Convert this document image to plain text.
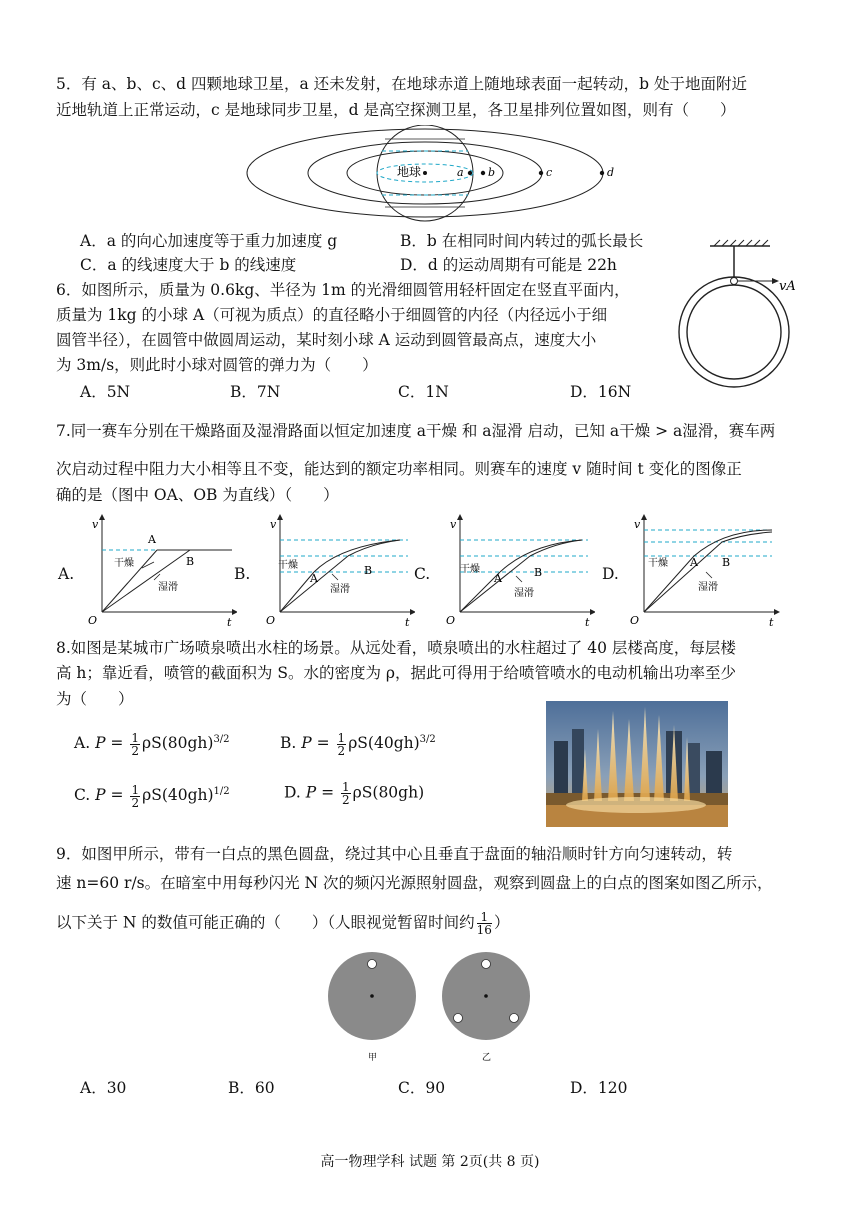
5．有 a、b、c、d 四颗地球卫星，a 还未发射，在地球赤道上随地球表面一起转动，b 处于地面附近
近地轨道上正常运动，c 是地球同步卫星，d 是高空探测卫星，各卫星排列位置如图，则有（　　）
地球	a b	c	d
A．a 的向心加速度等于重力加速度 g	B．b 在相同时间内转过的弧长最长
C．a 的线速度大于 b 的线速度	D．d 的运动周期有可能是 22h
6．如图所示，质量为 0.6kg、半径为 1m 的光滑细圆管用轻杆固定在竖直平面内，
质量为 1kg 的小球 A（可视为质点）的直径略小于细圆管的内径（内径远小于细
圆管半径），在圆管中做圆周运动，某时刻小球 A 运动到圆管最高点，速度大小
为 3m/s，则此时小球对圆管的弹力为（　　）
vA
A．5N	B．7N	C．1N	D．16N
7.同一赛车分别在干燥路面及湿滑路面以恒定加速度 a干燥 和 a湿滑 启动，已知 a干燥 > a湿滑，赛车两
次启动过程中阻力大小相等且不变，能达到的额定功率相同。则赛车的速度 v 随时间 t 变化的图像正
确的是（图中 OA、OB 为直线）（　　）
A.	B.	C.	D.
v
t
O
A
B
干燥
湿滑
v
t
O
A
B
干燥
湿滑
v
t
O
A	B
干燥
湿滑
v
t
O
A B
干燥
湿滑
8.如图是某城市广场喷泉喷出水柱的场景。从远处看，喷泉喷出的水柱超过了 40 层楼高度，每层楼
高 h；靠近看，喷管的截面积为 S。水的密度为 ρ，据此可得用于给喷管喷水的电动机输出功率至少
为（　　）
A. $P = \frac{1}{2} \rho S(80gh)^{3/2}$	B. $P = \frac{1}{2} \rho S(40gh)^{3/2}$
C. $P = \frac{1}{2} \rho S(40gh)^{1/2}$	D. $P = \frac{1}{2} \rho S(80gh)$
9．如图甲所示，带有一白点的黑色圆盘，绕过其中心且垂直于盘面的轴沿顺时针方向匀速转动，转
速 n=60 r/s。在暗室中用每秒闪光 N 次的频闪光源照射圆盘，观察到圆盘上的白点的图案如图乙所示，
以下关于 N 的数值可能正确的（　　）（人眼视觉暂留时间约 $\frac{1}{16}$ ）
甲	乙
A．30	B．60	C．90	D．120
高一物理学科 试题 第 2页(共 8 页)
